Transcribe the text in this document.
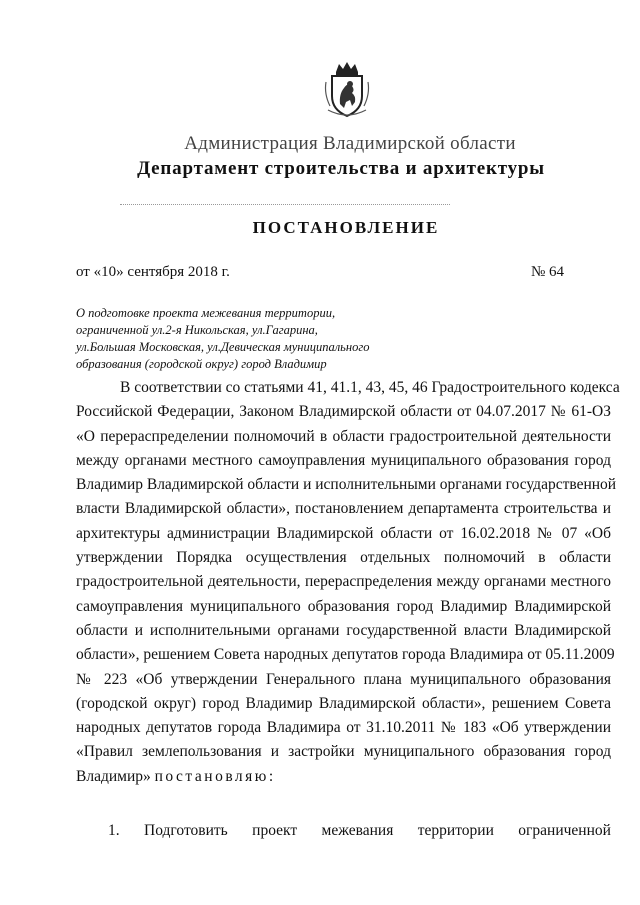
Администрация Владимирской области
Департамент строительства и архитектуры
ПОСТАНОВЛЕНИЕ
от «10» сентября 2018 г.	№ 64
О подготовке проекта межевания территории,
ограниченной ул.2-я Никольская, ул.Гагарина,
ул.Большая Московская, ул.Девическая муниципального
образования (городской округ) город Владимир
В соответствии со статьями 41, 41.1, 43, 45, 46 Градостроительного кодекса
Российской Федерации, Законом Владимирской области от 04.07.2017 № 61-ОЗ
«О перераспределении полномочий в области градостроительной деятельности
между органами местного самоуправления муниципального образования город
Владимир Владимирской области и исполнительными органами государственной
власти Владимирской области», постановлением департамента строительства и
архитектуры администрации Владимирской области от 16.02.2018 № 07 «Об
утверждении Порядка осуществления отдельных полномочий в области
градостроительной деятельности, перераспределения между органами местного
самоуправления муниципального образования город Владимир Владимирской
области и исполнительными органами государственной власти Владимирской
области», решением Совета народных депутатов города Владимира от 05.11.2009
№ 223 «Об утверждении Генерального плана муниципального образования
(городской округ) город Владимир Владимирской области», решением Совета
народных депутатов города Владимира от 31.10.2011 № 183 «Об утверждении
«Правил землепользования и застройки муниципального образования город
Владимир» постановляю:
1. Подготовить проект межевания территории ограниченной
